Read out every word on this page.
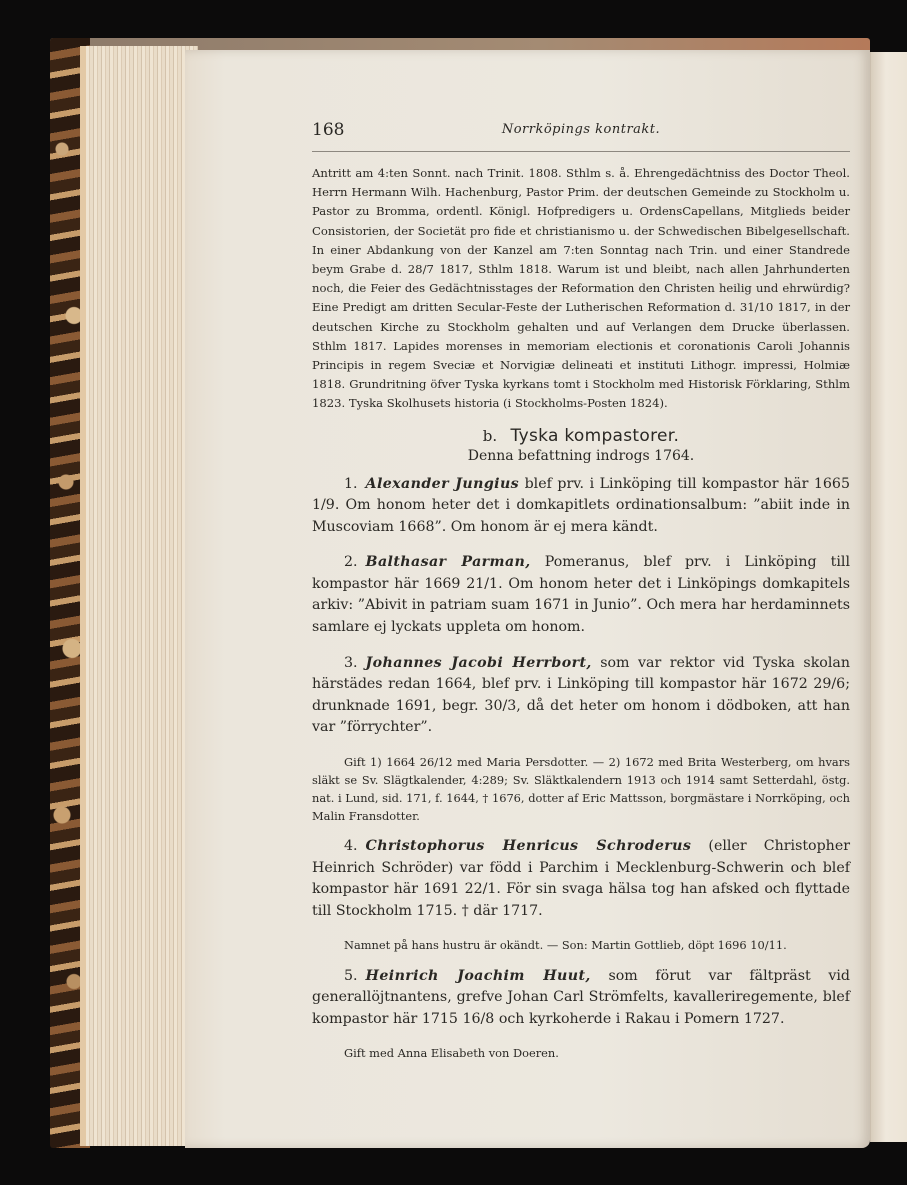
168	Norrköpings kontrakt.

Antritt am 4:ten Sonnt. nach Trinit. 1808. Sthlm s. å. Ehrengedächtniss des Doctor Theol. Herrn Hermann Wilh. Hachenburg, Pastor Prim. der deutschen Gemeinde zu Stockholm u. Pastor zu Bromma, ordentl. Königl. Hofpredigers u. OrdensCapellans, Mitglieds beider Consistorien, der Societät pro fide et christianismo u. der Schwedischen Bibelgesellschaft. In einer Abdankung von der Kanzel am 7:ten Sonntag nach Trin. und einer Standrede beym Grabe d. 28/7 1817, Sthlm 1818. Warum ist und bleibt, nach allen Jahrhunderten noch, die Feier des Gedächtnisstages der Reformation den Christen heilig und ehrwürdig? Eine Predigt am dritten Secular-Feste der Lutherischen Reformation d. 31/10 1817, in der deutschen Kirche zu Stockholm gehalten und auf Verlangen dem Drucke überlassen. Sthlm 1817. Lapides morenses in memoriam electionis et coronationis Caroli Johannis Principis in regem Sveciæ et Norvigiæ delineati et instituti Lithogr. impressi, Holmiæ 1818. Grundritning öfver Tyska kyrkans tomt i Stockholm med Historisk Förklaring, Sthlm 1823. Tyska Skolhusets historia (i Stockholms-Posten 1824).

b. Tyska kompastorer.
Denna befattning indrogs 1764.

1. Alexander Jungius blef prv. i Linköping till kompastor här 1665 1/9. Om honom heter det i domkapitlets ordinationsalbum: ”abiit inde in Muscoviam 1668”. Om honom är ej mera kändt.

2. Balthasar Parman, Pomeranus, blef prv. i Linköping till kompastor här 1669 21/1. Om honom heter det i Linköpings domkapitels arkiv: ”Abivit in patriam suam 1671 in Junio”. Och mera har herdaminnets samlare ej lyckats uppleta om honom.

3. Johannes Jacobi Herrbort, som var rektor vid Tyska skolan härstädes redan 1664, blef prv. i Linköping till kompastor här 1672 29/6; drunknade 1691, begr. 30/3, då det heter om honom i dödboken, att han var ”förrychter”.

Gift 1) 1664 26/12 med Maria Persdotter. — 2) 1672 med Brita Westerberg, om hvars släkt se Sv. Slägtkalender, 4:289; Sv. Släktkalendern 1913 och 1914 samt Setterdahl, östg. nat. i Lund, sid. 171, f. 1644, † 1676, dotter af Eric Mattsson, borgmästare i Norrköping, och Malin Fransdotter.

4. Christophorus Henricus Schroderus (eller Christopher Heinrich Schröder) var född i Parchim i Mecklenburg-Schwerin och blef kompastor här 1691 22/1. För sin svaga hälsa tog han afsked och flyttade till Stockholm 1715. † där 1717.

Namnet på hans hustru är okändt. — Son: Martin Gottlieb, döpt 1696 10/11.

5. Heinrich Joachim Huut, som förut var fältpräst vid generallöjtnantens, grefve Johan Carl Strömfelts, kavalleriregemente, blef kompastor här 1715 16/8 och kyrkoherde i Rakau i Pomern 1727.

Gift med Anna Elisabeth von Doeren.
